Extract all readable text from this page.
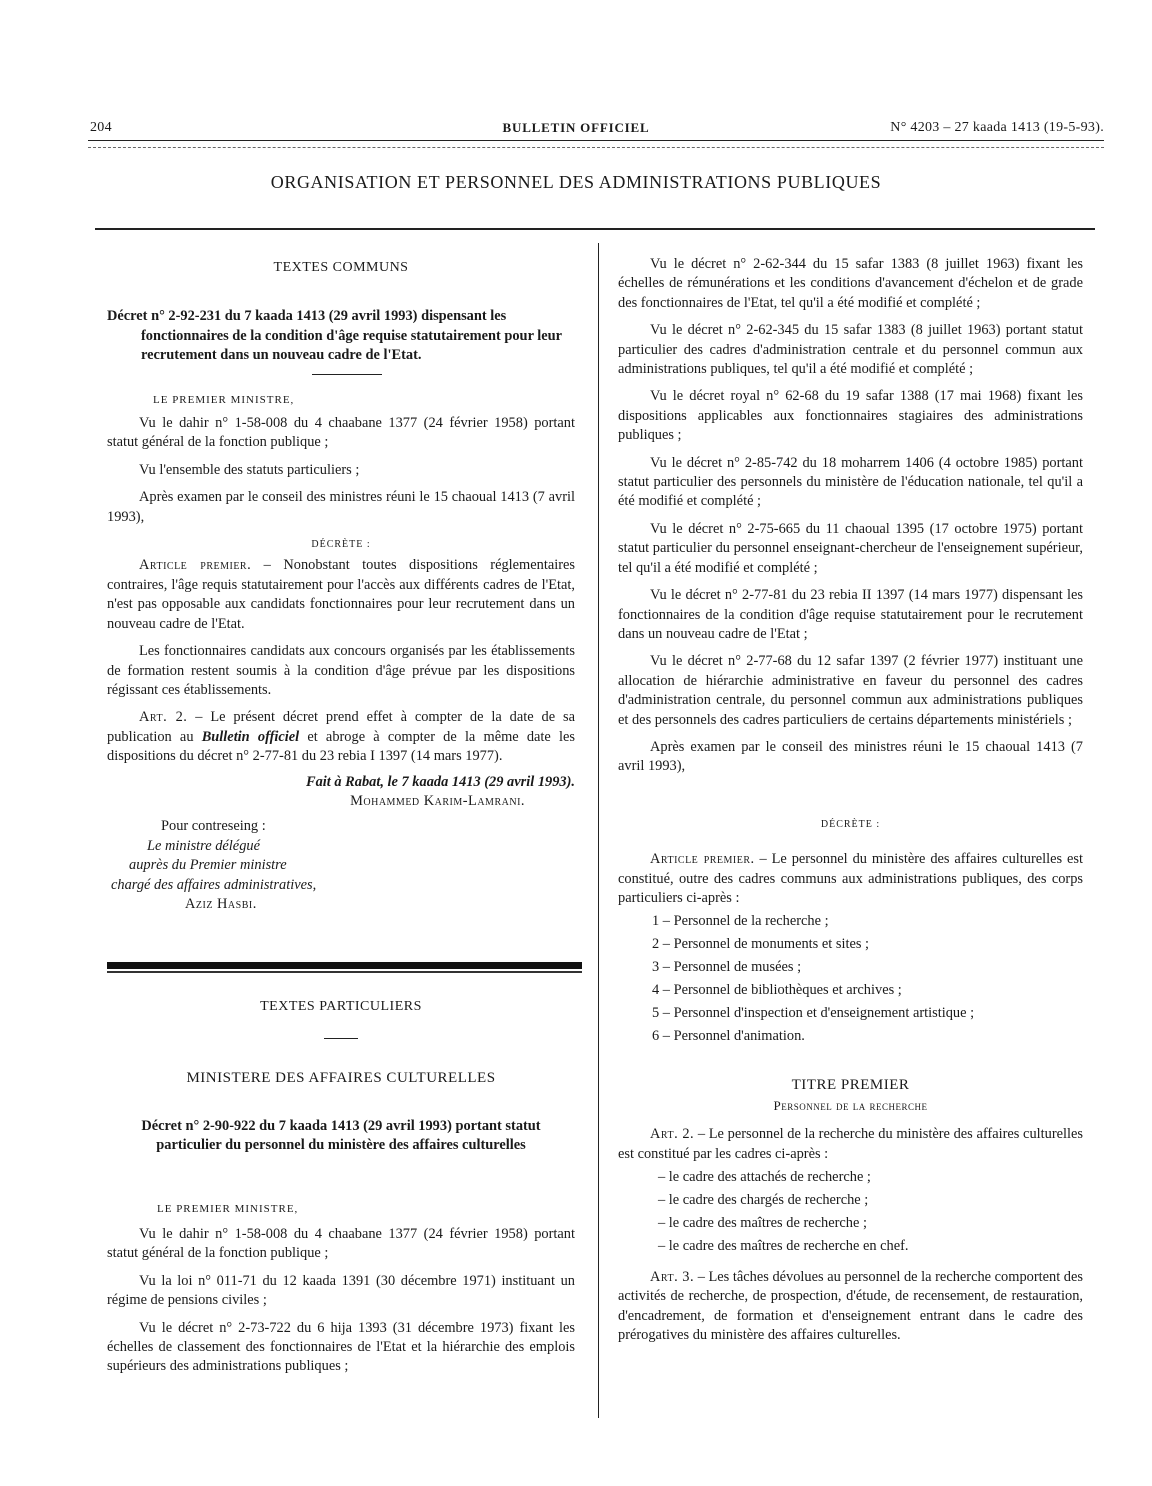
204	BULLETIN OFFICIEL	N° 4203 – 27 kaada 1413 (19-5-93).
ORGANISATION ET PERSONNEL DES ADMINISTRATIONS PUBLIQUES

TEXTES COMMUNS

Décret n° 2-92-231 du 7 kaada 1413 (29 avril 1993) dispensant les fonctionnaires de la condition d'âge requise statutairement pour leur recrutement dans un nouveau cadre de l'Etat.

LE PREMIER MINISTRE,

Vu le dahir n° 1-58-008 du 4 chaabane 1377 (24 février 1958) portant statut général de la fonction publique ;

Vu l'ensemble des statuts particuliers ;

Après examen par le conseil des ministres réuni le 15 chaoual 1413 (7 avril 1993),

DÉCRÈTE :

Article premier. – Nonobstant toutes dispositions réglementaires contraires, l'âge requis statutairement pour l'accès aux différents cadres de l'Etat, n'est pas opposable aux candidats fonctionnaires pour leur recrutement dans un nouveau cadre de l'Etat.

Les fonctionnaires candidats aux concours organisés par les établissements de formation restent soumis à la condition d'âge prévue par les dispositions régissant ces établissements.

Art. 2. – Le présent décret prend effet à compter de la date de sa publication au Bulletin officiel et abroge à compter de la même date les dispositions du décret n° 2-77-81 du 23 rebia I 1397 (14 mars 1977).

Fait à Rabat, le 7 kaada 1413 (29 avril 1993).

Mohammed Karim-Lamrani.

Pour contreseing :

Le ministre délégué

auprès du Premier ministre

chargé des affaires administratives,

Aziz Hasbi.

TEXTES PARTICULIERS

MINISTERE DES AFFAIRES CULTURELLES

Décret n° 2-90-922 du 7 kaada 1413 (29 avril 1993) portant statut particulier du personnel du ministère des affaires culturelles

LE PREMIER MINISTRE,

Vu le dahir n° 1-58-008 du 4 chaabane 1377 (24 février 1958) portant statut général de la fonction publique ;

Vu la loi n° 011-71 du 12 kaada 1391 (30 décembre 1971) instituant un régime de pensions civiles ;

Vu le décret n° 2-73-722 du 6 hija 1393 (31 décembre 1973) fixant les échelles de classement des fonctionnaires de l'Etat et la hiérarchie des emplois supérieurs des administrations publiques ;

Vu le décret n° 2-62-344 du 15 safar 1383 (8 juillet 1963) fixant les échelles de rémunérations et les conditions d'avancement d'échelon et de grade des fonctionnaires de l'Etat, tel qu'il a été modifié et complété ;

Vu le décret n° 2-62-345 du 15 safar 1383 (8 juillet 1963) portant statut particulier des cadres d'administration centrale et du personnel commun aux administrations publiques, tel qu'il a été modifié et complété ;

Vu le décret royal n° 62-68 du 19 safar 1388 (17 mai 1968) fixant les dispositions applicables aux fonctionnaires stagiaires des administrations publiques ;

Vu le décret n° 2-85-742 du 18 moharrem 1406 (4 octobre 1985) portant statut particulier des personnels du ministère de l'éducation nationale, tel qu'il a été modifié et complété ;

Vu le décret n° 2-75-665 du 11 chaoual 1395 (17 octobre 1975) portant statut particulier du personnel enseignant-chercheur de l'enseignement supérieur, tel qu'il a été modifié et complété ;

Vu le décret n° 2-77-81 du 23 rebia II 1397 (14 mars 1977) dispensant les fonctionnaires de la condition d'âge requise statutairement pour le recrutement dans un nouveau cadre de l'Etat ;

Vu le décret n° 2-77-68 du 12 safar 1397 (2 février 1977) instituant une allocation de hiérarchie administrative en faveur du personnel des cadres d'administration centrale, du personnel commun aux administrations publiques et des personnels des cadres particuliers de certains départements ministériels ;

Après examen par le conseil des ministres réuni le 15 chaoual 1413 (7 avril 1993),

DÉCRÈTE :

Article premier. – Le personnel du ministère des affaires culturelles est constitué, outre des cadres communs aux administrations publiques, des corps particuliers ci-après :

1 – Personnel de la recherche ;

2 – Personnel de monuments et sites ;

3 – Personnel de musées ;

4 – Personnel de bibliothèques et archives ;

5 – Personnel d'inspection et d'enseignement artistique ;

6 – Personnel d'animation.

TITRE PREMIER

Personnel de la recherche

Art. 2. – Le personnel de la recherche du ministère des affaires culturelles est constitué par les cadres ci-après :

– le cadre des attachés de recherche ;

– le cadre des chargés de recherche ;

– le cadre des maîtres de recherche ;

– le cadre des maîtres de recherche en chef.

Art. 3. – Les tâches dévolues au personnel de la recherche comportent des activités de recherche, de prospection, d'étude, de recensement, de restauration, d'encadrement, de formation et d'enseignement entrant dans le cadre des prérogatives du ministère des affaires culturelles.
